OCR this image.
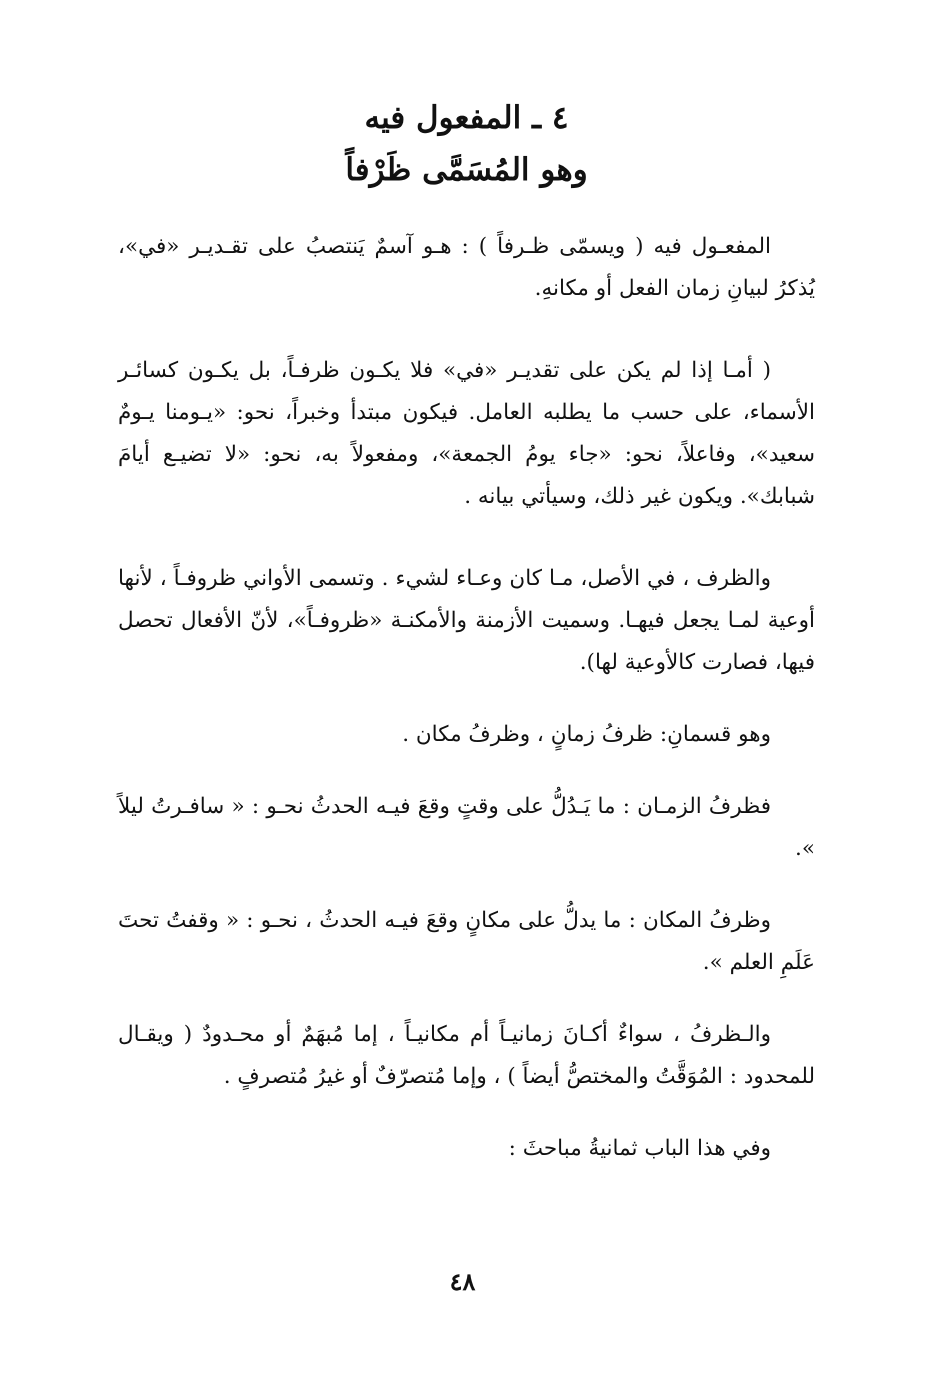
٤ ـ المفعول فيه
وهو المُسَمَّى ظَرْفاً

المفعـول فيه ( ويسمّى ظـرفاً ) : هـو آسمٌ يَنتصبُ على تقـديـر «في»، يُذكرُ لبيانِ زمان الفعل أو مكانهِ.

( أمـا إذا لم يكن على تقديـر «في» فلا يكـون ظرفـاً، بل يكـون كسائـر الأسماء، على حسب ما يطلبه العامل. فيكون مبتدأ وخبراً، نحو: «يـومنا يـومٌ سعيد»، وفاعلاً، نحو: «جاء يومُ الجمعة»، ومفعولاً به، نحو: «لا تضيـع أيامَ شبابك». ويكون غير ذلك، وسيأتي بيانه .

والظرف ، في الأصل، مـا كان وعـاء لشيء . وتسمى الأواني ظروفـاً ، لأنها أوعية لمـا يجعل فيهـا. وسميت الأزمنة والأمكنـة «ظروفـاً»، لأنّ الأفعال تحصل فيها، فصارت كالأوعية لها).

وهو قسمانِ: ظرفُ زمانٍ ، وظرفُ مكان .

فظرفُ الزمـان : ما يَـدُلُّ على وقتٍ وقعَ فيـه الحدثُ نحـو : « سافـرتُ ليلاً ».

وظرفُ المكان : ما يدلُّ على مكانٍ وقعَ فيـه الحدثُ ، نحـو : « وقفتُ تحتَ عَلَمِ العلم ».

والـظرفُ ، سواءٌ أكـانَ زمانيـاً أم مكانيـاً ، إما مُبهَمٌ أو محـدودٌ ( ويقـال للمحدود : المُوَقَّتُ والمختصُّ أيضاً ) ، وإما مُتصرّفٌ أو غيرُ مُتصرفٍ .

وفي هذا الباب ثمانيةُ مباحثَ :

٤٨
